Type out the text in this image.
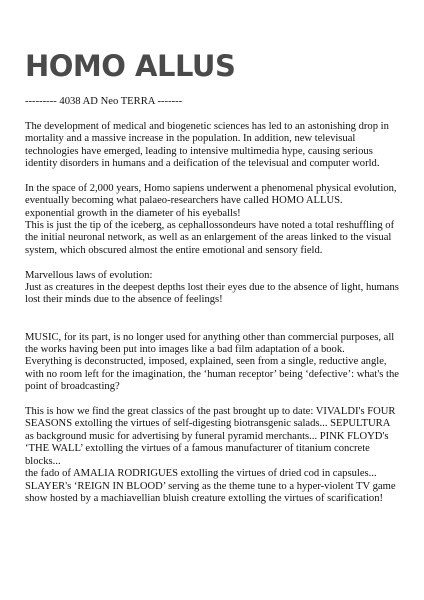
HOMO ALLUS

--------- 4038 AD Neo TERRA -------

The development of medical and biogenetic sciences has led to an astonishing drop in mortality and a massive increase in the population. In addition, new televisual technologies have emerged, leading to intensive multimedia hype, causing serious identity disorders in humans and a deification of the televisual and computer world.

In the space of 2,000 years, Homo sapiens underwent a phenomenal physical evolution, eventually becoming what palaeo-researchers have called HOMO ALLUS.
exponential growth in the diameter of his eyeballs!
This is just the tip of the iceberg, as cephallossondeurs have noted a total reshuffling of the initial neuronal network, as well as an enlargement of the areas linked to the visual system, which obscured almost the entire emotional and sensory field.

Marvellous laws of evolution:
Just as creatures in the deepest depths lost their eyes due to the absence of light, humans lost their minds due to the absence of feelings!

MUSIC, for its part, is no longer used for anything other than commercial purposes, all the works having been put into images like a bad film adaptation of a book.
Everything is deconstructed, imposed, explained, seen from a single, reductive angle, with no room left for the imagination, the ‘human receptor’ being ‘defective’: what's the point of broadcasting?

This is how we find the great classics of the past brought up to date: VIVALDI's FOUR SEASONS extolling the virtues of self-digesting biotransgenic salads... SEPULTURA as background music for advertising by funeral pyramid merchants... PINK FLOYD's ‘THE WALL’ extolling the virtues of a famous manufacturer of titanium concrete blocks...
the fado of AMALIA RODRIGUES extolling the virtues of dried cod in capsules... SLAYER's ‘REIGN IN BLOOD’ serving as the theme tune to a hyper-violent TV game show hosted by a machiavellian bluish creature extolling the virtues of scarification!
